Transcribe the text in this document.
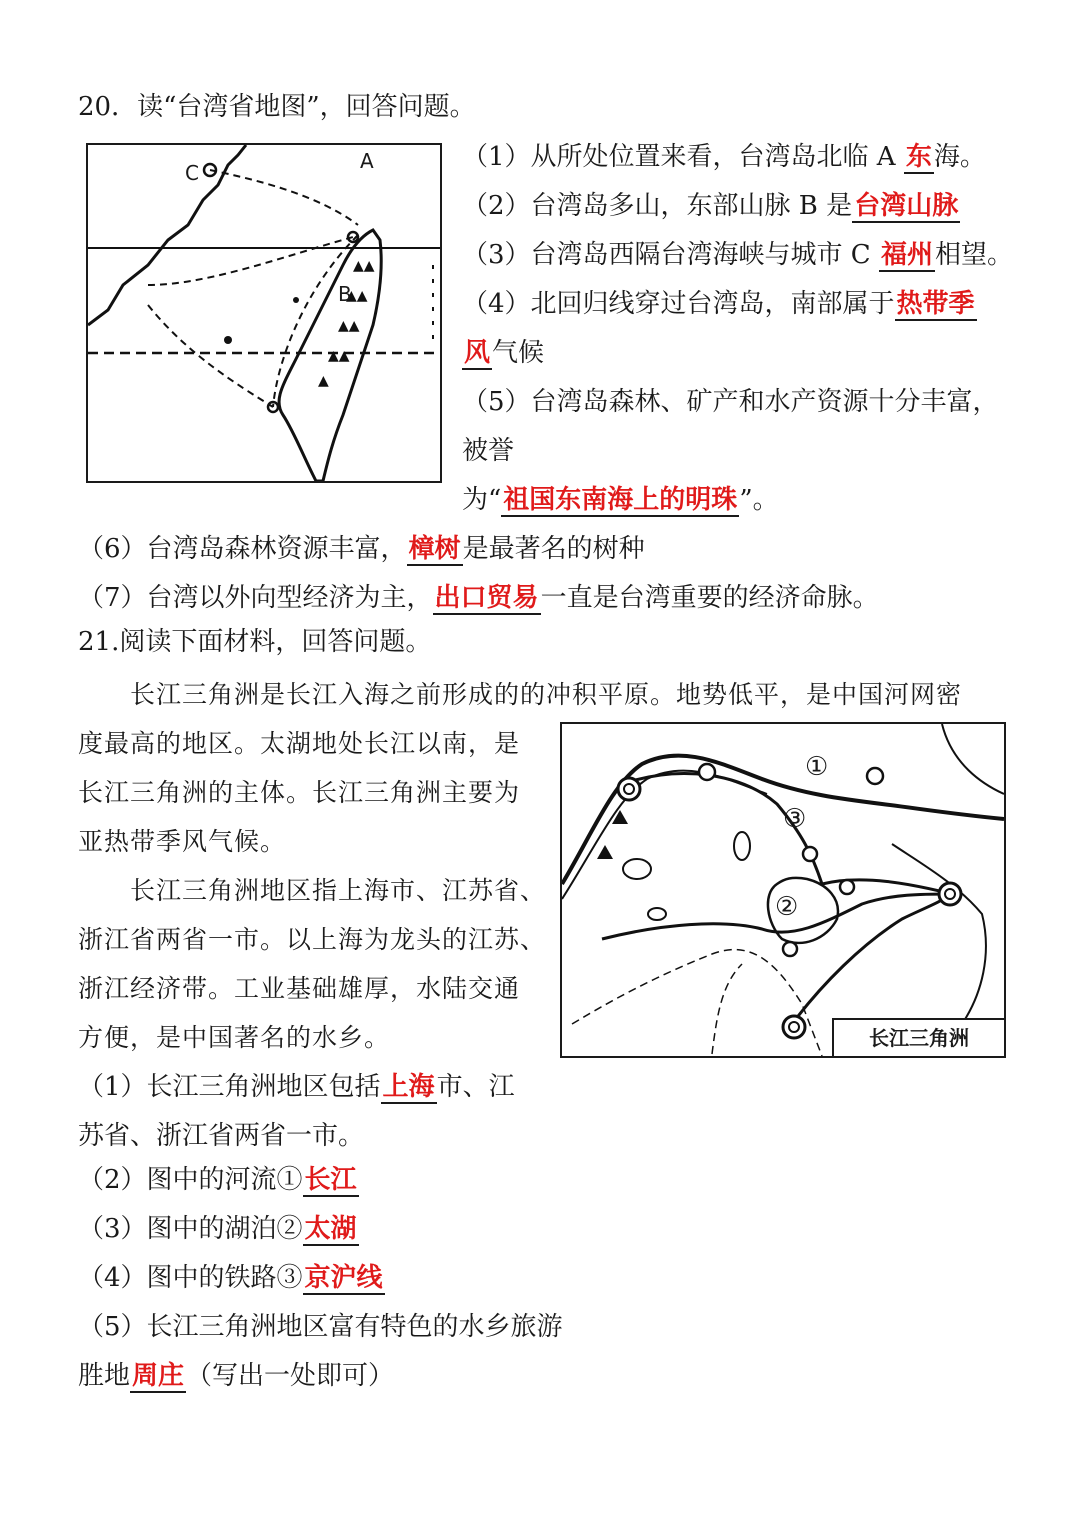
20．读“台湾省地图”，回答问题。
▲▲
▲▲
▲▲
▲▲
▲
C	A
B
（1）从所处位置来看，台湾岛北临 A 东海。
（2）台湾岛多山，东部山脉 B 是台湾山脉
（3）台湾岛西隔台湾海峡与城市 C 福州相望。
（4）北回归线穿过台湾岛，南部属于热带季
风气候
（5）台湾岛森林、矿产和水产资源十分丰富，
被誉
为“祖国东南海上的明珠”。
（6）台湾岛森林资源丰富，樟树是最著名的树种
（7）台湾以外向型经济为主，出口贸易一直是台湾重要的经济命脉。
21.阅读下面材料，回答问题。
长江三角洲是长江入海之前形成的的冲积平原。地势低平，是中国河网密
度最高的地区。太湖地处长江以南，是
长江三角洲的主体。长江三角洲主要为
亚热带季风气候。
长江三角洲地区指上海市、江苏省、
浙江省两省一市。以上海为龙头的江苏、
浙江经济带。工业基础雄厚，水陆交通
方便，是中国著名的水乡。
①
③
②
长江三角洲
（1）长江三角洲地区包括上海市、江
苏省、浙江省两省一市。
（2）图中的河流①长江
（3）图中的湖泊②太湖
（4）图中的铁路③京沪线
（5）长江三角洲地区富有特色的水乡旅游
胜地周庄（写出一处即可）
